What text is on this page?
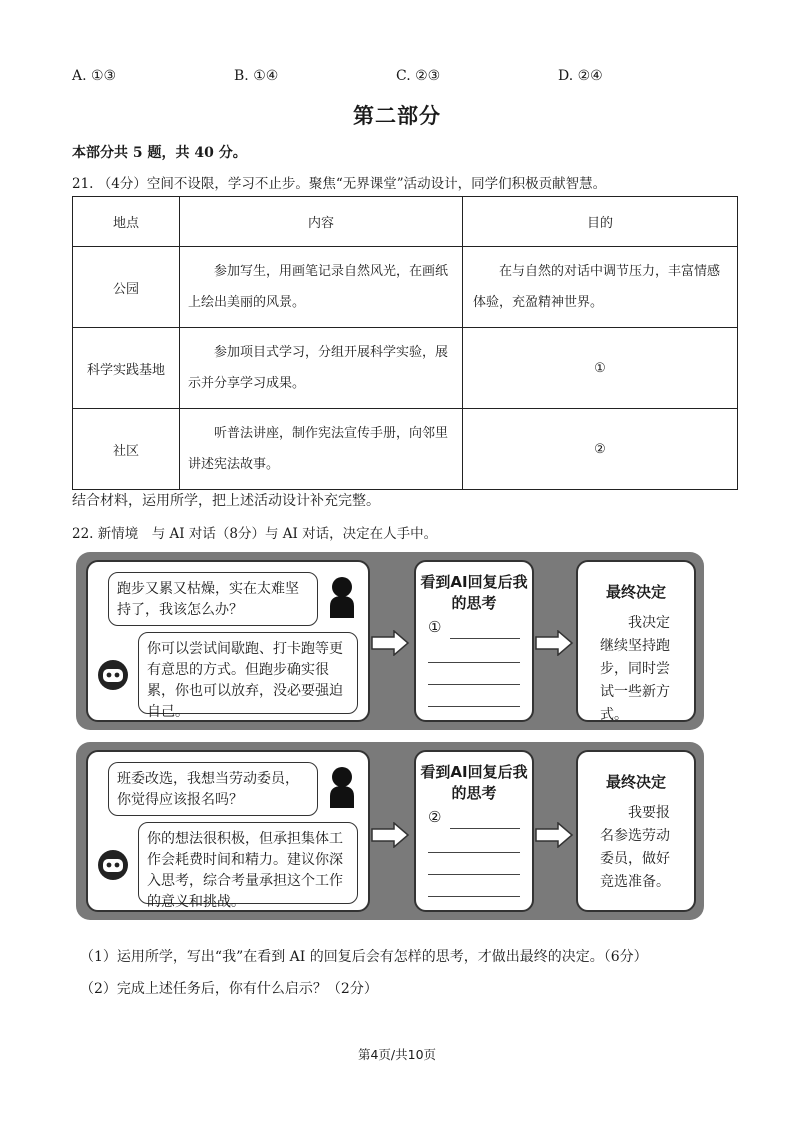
A. ①③	B. ①④	C. ②③	D. ②④
第二部分
本部分共 5 题，共 40 分。
21. （4分）空间不设限，学习不止步。聚焦“无界课堂”活动设计，同学们积极贡献智慧。
地点	内容	目的
公园	参加写生，用画笔记录自然风光，在画纸上绘出美丽的风景。	在与自然的对话中调节压力，丰富情感体验，充盈精神世界。
科学实践基地	参加项目式学习，分组开展科学实验，展示并分享学习成果。	①
社区	听普法讲座，制作宪法宣传手册，向邻里讲述宪法故事。	②
结合材料，运用所学，把上述活动设计补充完整。
22. 新情境　与 AI 对话（8分）与 AI 对话，决定在人手中。
跑步又累又枯燥，实在太难坚持了，我该怎么办？
你可以尝试间歇跑、打卡跑等更有意思的方式。但跑步确实很累，你也可以放弃，没必要强迫自己。
看到AI回复后我的思考
①
最终决定
我决定继续坚持跑步，同时尝试一些新方式。
班委改选，我想当劳动委员，你觉得应该报名吗？
你的想法很积极，但承担集体工作会耗费时间和精力。建议你深入思考，综合考量承担这个工作的意义和挑战。
看到AI回复后我的思考
②
最终决定
我要报名参选劳动委员，做好竞选准备。
（1）运用所学，写出“我”在看到 AI 的回复后会有怎样的思考，才做出最终的决定。（6分）
（2）完成上述任务后，你有什么启示？（2分）
第4页/共10页
